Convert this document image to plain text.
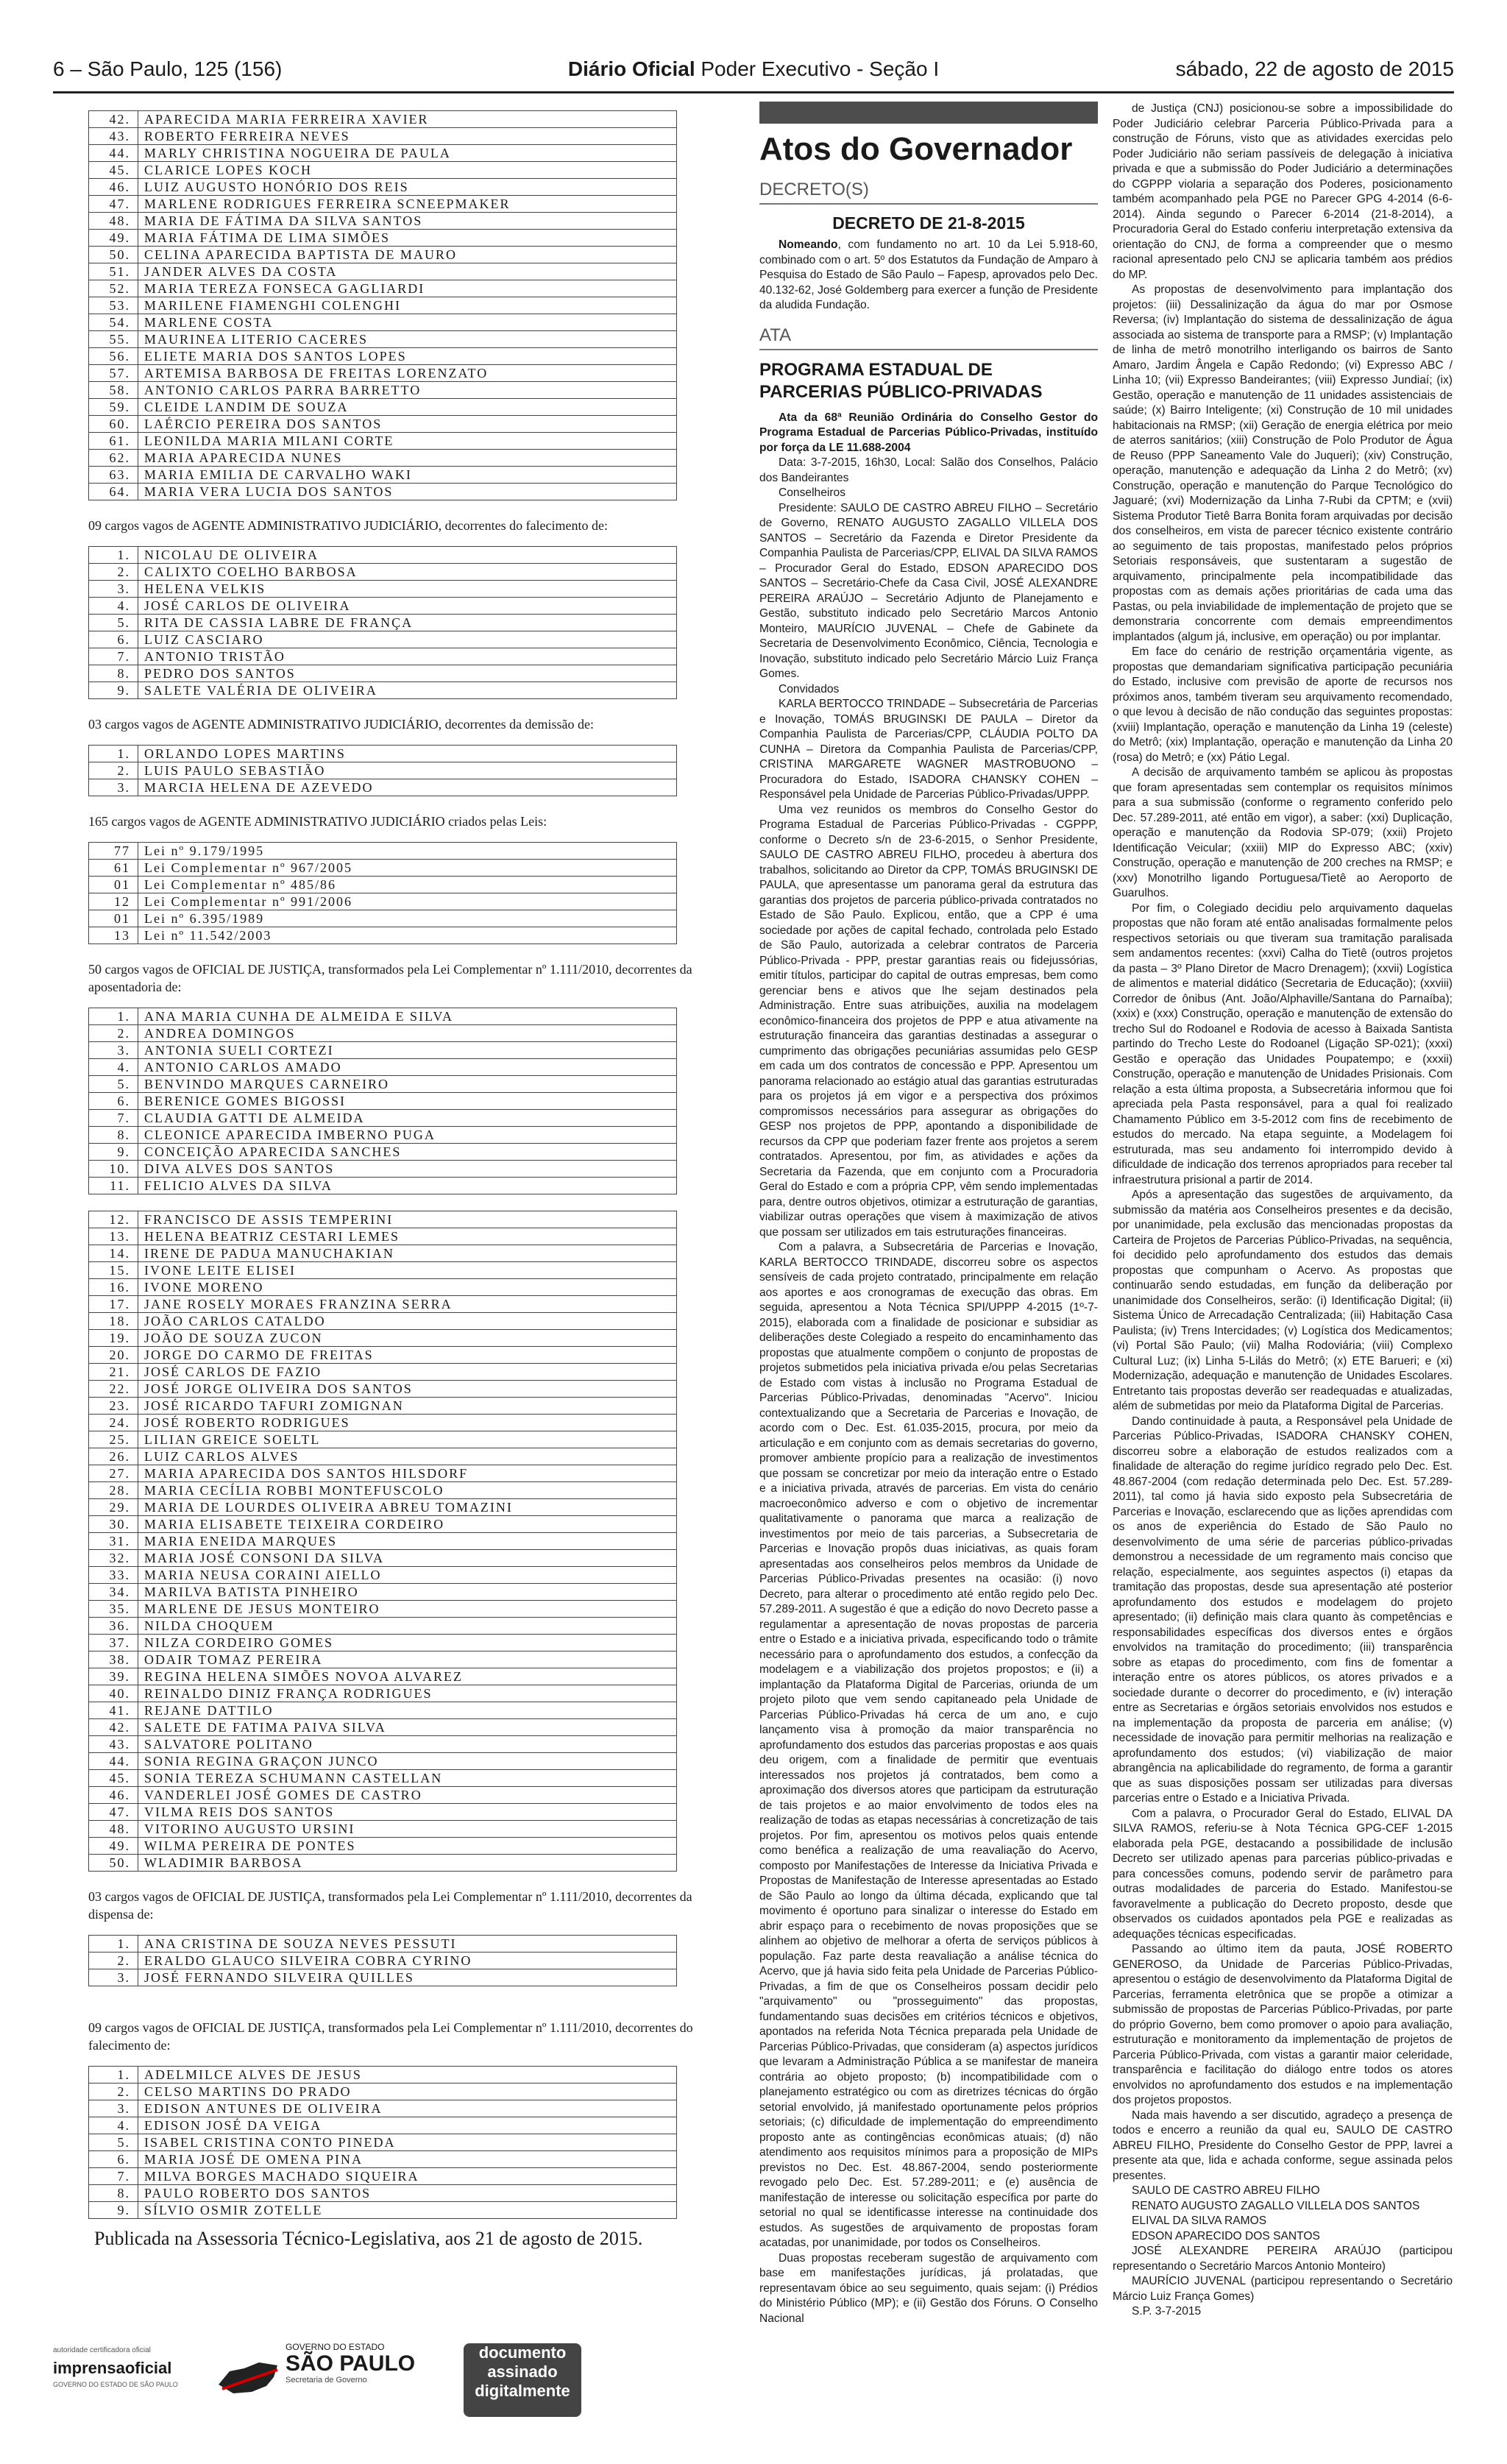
6 – São Paulo, 125 (156)	Diário Oficial Poder Executivo - Seção I	sábado, 22 de agosto de 2015
42.	APARECIDA MARIA FERREIRA XAVIER
43.	ROBERTO FERREIRA NEVES
44.	MARLY CHRISTINA NOGUEIRA DE PAULA
45.	CLARICE LOPES KOCH
46.	LUIZ AUGUSTO HONÓRIO DOS REIS
47.	MARLENE RODRIGUES FERREIRA SCNEEPMAKER
48.	MARIA DE FÁTIMA DA SILVA SANTOS
49.	MARIA FÁTIMA DE LIMA SIMÕES
50.	CELINA APARECIDA BAPTISTA DE MAURO
51.	JANDER ALVES DA COSTA
52.	MARIA TEREZA FONSECA GAGLIARDI
53.	MARILENE FIAMENGHI COLENGHI
54.	MARLENE COSTA
55.	MAURINEA LITERIO CACERES
56.	ELIETE MARIA DOS SANTOS LOPES
57.	ARTEMISA BARBOSA DE FREITAS LORENZATO
58.	ANTONIO CARLOS PARRA BARRETTO
59.	CLEIDE LANDIM DE SOUZA
60.	LAÉRCIO PEREIRA DOS SANTOS
61.	LEONILDA MARIA MILANI CORTE
62.	MARIA APARECIDA NUNES
63.	MARIA EMILIA DE CARVALHO WAKI
64.	MARIA VERA LUCIA DOS SANTOS
09 cargos vagos de AGENTE ADMINISTRATIVO JUDICIÁRIO, decorrentes do falecimento de:
1.	NICOLAU DE OLIVEIRA
2.	CALIXTO COELHO BARBOSA
3.	HELENA VELKIS
4.	JOSÉ CARLOS DE OLIVEIRA
5.	RITA DE CASSIA LABRE DE FRANÇA
6.	LUIZ CASCIARO
7.	ANTONIO TRISTÃO
8.	PEDRO DOS SANTOS
9.	SALETE VALÉRIA DE OLIVEIRA
03 cargos vagos de AGENTE ADMINISTRATIVO JUDICIÁRIO, decorrentes da demissão de:
1.	ORLANDO LOPES MARTINS
2.	LUIS PAULO SEBASTIÃO
3.	MARCIA HELENA DE AZEVEDO
165 cargos vagos de AGENTE ADMINISTRATIVO JUDICIÁRIO criados pelas Leis:
77	Lei nº 9.179/1995
61	Lei Complementar nº 967/2005
01	Lei Complementar nº 485/86
12	Lei Complementar nº 991/2006
01	Lei nº 6.395/1989
13	Lei nº 11.542/2003
50 cargos vagos de OFICIAL DE JUSTIÇA, transformados pela Lei Complementar nº 1.111/2010, decorrentes da aposentadoria de:
1.	ANA MARIA CUNHA DE ALMEIDA E SILVA
2.	ANDREA DOMINGOS
3.	ANTONIA SUELI CORTEZI
4.	ANTONIO CARLOS AMADO
5.	BENVINDO MARQUES CARNEIRO
6.	BERENICE GOMES BIGOSSI
7.	CLAUDIA GATTI DE ALMEIDA
8.	CLEONICE APARECIDA IMBERNO PUGA
9.	CONCEIÇÃO APARECIDA SANCHES
10.	DIVA ALVES DOS SANTOS
11.	FELICIO ALVES DA SILVA
12.	FRANCISCO DE ASSIS TEMPERINI
13.	HELENA BEATRIZ CESTARI LEMES
14.	IRENE DE PADUA MANUCHAKIAN
15.	IVONE LEITE ELISEI
16.	IVONE MORENO
17.	JANE ROSELY MORAES FRANZINA SERRA
18.	JOÃO CARLOS CATALDO
19.	JOÃO DE SOUZA ZUCON
20.	JORGE DO CARMO DE FREITAS
21.	JOSÉ CARLOS DE FAZIO
22.	JOSÉ JORGE OLIVEIRA DOS SANTOS
23.	JOSÉ RICARDO TAFURI ZOMIGNAN
24.	JOSÉ ROBERTO RODRIGUES
25.	LILIAN GREICE SOELTL
26.	LUIZ CARLOS ALVES
27.	MARIA APARECIDA DOS SANTOS HILSDORF
28.	MARIA CECÍLIA ROBBI MONTEFUSCOLO
29.	MARIA DE LOURDES OLIVEIRA ABREU TOMAZINI
30.	MARIA ELISABETE TEIXEIRA CORDEIRO
31.	MARIA ENEIDA MARQUES
32.	MARIA JOSÉ CONSONI DA SILVA
33.	MARIA NEUSA CORAINI AIELLO
34.	MARILVA BATISTA PINHEIRO
35.	MARLENE DE JESUS MONTEIRO
36.	NILDA CHOQUEM
37.	NILZA CORDEIRO GOMES
38.	ODAIR TOMAZ PEREIRA
39.	REGINA HELENA SIMÕES NOVOA ALVAREZ
40.	REINALDO DINIZ FRANÇA RODRIGUES
41.	REJANE DATTILO
42.	SALETE DE FATIMA PAIVA SILVA
43.	SALVATORE POLITANO
44.	SONIA REGINA GRAÇON JUNCO
45.	SONIA TEREZA SCHUMANN CASTELLAN
46.	VANDERLEI JOSÉ GOMES DE CASTRO
47.	VILMA REIS DOS SANTOS
48.	VITORINO AUGUSTO URSINI
49.	WILMA PEREIRA DE PONTES
50.	WLADIMIR BARBOSA
03 cargos vagos de OFICIAL DE JUSTIÇA, transformados pela Lei Complementar nº 1.111/2010, decorrentes da dispensa de:
1.	ANA CRISTINA DE SOUZA NEVES PESSUTI
2.	ERALDO GLAUCO SILVEIRA COBRA CYRINO
3.	JOSÉ FERNANDO SILVEIRA QUILLES
09 cargos vagos de OFICIAL DE JUSTIÇA, transformados pela Lei Complementar nº 1.111/2010, decorrentes do falecimento de:
1.	ADELMILCE ALVES DE JESUS
2.	CELSO MARTINS DO PRADO
3.	EDISON ANTUNES DE OLIVEIRA
4.	EDISON JOSÉ DA VEIGA
5.	ISABEL CRISTINA CONTO PINEDA
6.	MARIA JOSÉ DE OMENA PINA
7.	MILVA BORGES MACHADO SIQUEIRA
8.	PAULO ROBERTO DOS SANTOS
9.	SÍLVIO OSMIR ZOTELLE
Publicada na Assessoria Técnico-Legislativa, aos 21 de agosto de 2015.
Atos do Governador
DECRETO(S)
DECRETO DE 21-8-2015

Nomeando, com fundamento no art. 10 da Lei 5.918-60, combinado com o art. 5º dos Estatutos da Fundação de Amparo à Pesquisa do Estado de São Paulo – Fapesp, aprovados pelo Dec. 40.132-62, José Goldemberg para exercer a função de Presidente da aludida Fundação.

ATA
PROGRAMA ESTADUAL DE PARCERIAS PÚBLICO-PRIVADAS

Ata da 68ª Reunião Ordinária do Conselho Gestor do Programa Estadual de Parcerias Público-Privadas, instituído por força da LE 11.688-2004

Data: 3-7-2015, 16h30, Local: Salão dos Conselhos, Palácio dos Bandeirantes

Conselheiros

Presidente: SAULO DE CASTRO ABREU FILHO – Secretário de Governo, RENATO AUGUSTO ZAGALLO VILLELA DOS SANTOS – Secretário da Fazenda e Diretor Presidente da Companhia Paulista de Parcerias/CPP, ELIVAL DA SILVA RAMOS – Procurador Geral do Estado, EDSON APARECIDO DOS SANTOS – Secretário-Chefe da Casa Civil, JOSÉ ALEXANDRE PEREIRA ARAÚJO – Secretário Adjunto de Planejamento e Gestão, substituto indicado pelo Secretário Marcos Antonio Monteiro, MAURÍCIO JUVENAL – Chefe de Gabinete da Secretaria de Desenvolvimento Econômico, Ciência, Tecnologia e Inovação, substituto indicado pelo Secretário Márcio Luiz França Gomes.

Convidados

KARLA BERTOCCO TRINDADE – Subsecretária de Parcerias e Inovação, TOMÁS BRUGINSKI DE PAULA – Diretor da Companhia Paulista de Parcerias/CPP, CLÁUDIA POLTO DA CUNHA – Diretora da Companhia Paulista de Parcerias/CPP, CRISTINA MARGARETE WAGNER MASTROBUONO – Procuradora do Estado, ISADORA CHANSKY COHEN – Responsável pela Unidade de Parcerias Público-Privadas/UPPP.

Uma vez reunidos os membros do Conselho Gestor do Programa Estadual de Parcerias Público-Privadas - CGPPP, conforme o Decreto s/n de 23-6-2015, o Senhor Presidente, SAULO DE CASTRO ABREU FILHO, procedeu à abertura dos trabalhos, solicitando ao Diretor da CPP, TOMÁS BRUGINSKI DE PAULA, que apresentasse um panorama geral da estrutura das garantias dos projetos de parceria público-privada contratados no Estado de São Paulo. Explicou, então, que a CPP é uma sociedade por ações de capital fechado, controlada pelo Estado de São Paulo, autorizada a celebrar contratos de Parceria Público-Privada - PPP, prestar garantias reais ou fidejussórias, emitir títulos, participar do capital de outras empresas, bem como gerenciar bens e ativos que lhe sejam destinados pela Administração. Entre suas atribuições, auxilia na modelagem econômico-financeira dos projetos de PPP e atua ativamente na estruturação financeira das garantias destinadas a assegurar o cumprimento das obrigações pecuniárias assumidas pelo GESP em cada um dos contratos de concessão e PPP. Apresentou um panorama relacionado ao estágio atual das garantias estruturadas para os projetos já em vigor e a perspectiva dos próximos compromissos necessários para assegurar as obrigações do GESP nos projetos de PPP, apontando a disponibilidade de recursos da CPP que poderiam fazer frente aos projetos a serem contratados. Apresentou, por fim, as atividades e ações da Secretaria da Fazenda, que em conjunto com a Procuradoria Geral do Estado e com a própria CPP, vêm sendo implementadas para, dentre outros objetivos, otimizar a estruturação de garantias, viabilizar outras operações que visem à maximização de ativos que possam ser utilizados em tais estruturações financeiras.

Com a palavra, a Subsecretária de Parcerias e Inovação, KARLA BERTOCCO TRINDADE, discorreu sobre os aspectos sensíveis de cada projeto contratado, principalmente em relação aos aportes e aos cronogramas de execução das obras. Em seguida, apresentou a Nota Técnica SPI/UPPP 4-2015 (1º-7-2015), elaborada com a finalidade de posicionar e subsidiar as deliberações deste Colegiado a respeito do encaminhamento das propostas que atualmente compõem o conjunto de propostas de projetos submetidos pela iniciativa privada e/ou pelas Secretarias de Estado com vistas à inclusão no Programa Estadual de Parcerias Público-Privadas, denominadas "Acervo". Iniciou contextualizando que a Secretaria de Parcerias e Inovação, de acordo com o Dec. Est. 61.035-2015, procura, por meio da articulação e em conjunto com as demais secretarias do governo, promover ambiente propício para a realização de investimentos que possam se concretizar por meio da interação entre o Estado e a iniciativa privada, através de parcerias. Em vista do cenário macroeconômico adverso e com o objetivo de incrementar qualitativamente o panorama que marca a realização de investimentos por meio de tais parcerias, a Subsecretaria de Parcerias e Inovação propôs duas iniciativas, as quais foram apresentadas aos conselheiros pelos membros da Unidade de Parcerias Público-Privadas presentes na ocasião: (i) novo Decreto, para alterar o procedimento até então regido pelo Dec. 57.289-2011. A sugestão é que a edição do novo Decreto passe a regulamentar a apresentação de novas propostas de parceria entre o Estado e a iniciativa privada, especificando todo o trâmite necessário para o aprofundamento dos estudos, a confecção da modelagem e a viabilização dos projetos propostos; e (ii) a implantação da Plataforma Digital de Parcerias, oriunda de um projeto piloto que vem sendo capitaneado pela Unidade de Parcerias Público-Privadas há cerca de um ano, e cujo lançamento visa à promoção da maior transparência no aprofundamento dos estudos das parcerias propostas e aos quais deu origem, com a finalidade de permitir que eventuais interessados nos projetos já contratados, bem como a aproximação dos diversos atores que participam da estruturação de tais projetos e ao maior envolvimento de todos eles na realização de todas as etapas necessárias à concretização de tais projetos. Por fim, apresentou os motivos pelos quais entende como benéfica a realização de uma reavaliação do Acervo, composto por Manifestações de Interesse da Iniciativa Privada e Propostas de Manifestação de Interesse apresentadas ao Estado de São Paulo ao longo da última década, explicando que tal movimento é oportuno para sinalizar o interesse do Estado em abrir espaço para o recebimento de novas proposições que se alinhem ao objetivo de melhorar a oferta de serviços públicos à população. Faz parte desta reavaliação a análise técnica do Acervo, que já havia sido feita pela Unidade de Parcerias Público-Privadas, a fim de que os Conselheiros possam decidir pelo "arquivamento" ou "prosseguimento" das propostas, fundamentando suas decisões em critérios técnicos e objetivos, apontados na referida Nota Técnica preparada pela Unidade de Parcerias Público-Privadas, que consideram (a) aspectos jurídicos que levaram a Administração Pública a se manifestar de maneira contrária ao objeto proposto; (b) incompatibilidade com o planejamento estratégico ou com as diretrizes técnicas do órgão setorial envolvido, já manifestado oportunamente pelos próprios setoriais; (c) dificuldade de implementação do empreendimento proposto ante as contingências econômicas atuais; (d) não atendimento aos requisitos mínimos para a proposição de MIPs previstos no Dec. Est. 48.867-2004, sendo posteriormente revogado pelo Dec. Est. 57.289-2011; e (e) ausência de manifestação de interesse ou solicitação específica por parte do setorial no qual se identificasse interesse na continuidade dos estudos. As sugestões de arquivamento de propostas foram acatadas, por unanimidade, por todos os Conselheiros.

Duas propostas receberam sugestão de arquivamento com base em manifestações jurídicas, já prolatadas, que representavam óbice ao seu seguimento, quais sejam: (i) Prédios do Ministério Público (MP); e (ii) Gestão dos Fóruns. O Conselho Nacional

de Justiça (CNJ) posicionou-se sobre a impossibilidade do Poder Judiciário celebrar Parceria Público-Privada para a construção de Fóruns, visto que as atividades exercidas pelo Poder Judiciário não seriam passíveis de delegação à iniciativa privada e que a submissão do Poder Judiciário a determinações do CGPPP violaria a separação dos Poderes, posicionamento também acompanhado pela PGE no Parecer GPG 4-2014 (6-6-2014). Ainda segundo o Parecer 6-2014 (21-8-2014), a Procuradoria Geral do Estado conferiu interpretação extensiva da orientação do CNJ, de forma a compreender que o mesmo racional apresentado pelo CNJ se aplicaria também aos prédios do MP.

As propostas de desenvolvimento para implantação dos projetos: (iii) Dessalinização da água do mar por Osmose Reversa; (iv) Implantação do sistema de dessalinização de água associada ao sistema de transporte para a RMSP; (v) Implantação de linha de metrô monotrilho interligando os bairros de Santo Amaro, Jardim Ângela e Capão Redondo; (vi) Expresso ABC / Linha 10; (vii) Expresso Bandeirantes; (viii) Expresso Jundiaí; (ix) Gestão, operação e manutenção de 11 unidades assistenciais de saúde; (x) Bairro Inteligente; (xi) Construção de 10 mil unidades habitacionais na RMSP; (xii) Geração de energia elétrica por meio de aterros sanitários; (xiii) Construção de Polo Produtor de Água de Reuso (PPP Saneamento Vale do Juqueri); (xiv) Construção, operação, manutenção e adequação da Linha 2 do Metrô; (xv) Construção, operação e manutenção do Parque Tecnológico do Jaguaré; (xvi) Modernização da Linha 7-Rubi da CPTM; e (xvii) Sistema Produtor Tietê Barra Bonita foram arquivadas por decisão dos conselheiros, em vista de parecer técnico existente contrário ao seguimento de tais propostas, manifestado pelos próprios Setoriais responsáveis, que sustentaram a sugestão de arquivamento, principalmente pela incompatibilidade das propostas com as demais ações prioritárias de cada uma das Pastas, ou pela inviabilidade de implementação de projeto que se demonstraria concorrente com demais empreendimentos implantados (algum já, inclusive, em operação) ou por implantar.

Em face do cenário de restrição orçamentária vigente, as propostas que demandariam significativa participação pecuniária do Estado, inclusive com previsão de aporte de recursos nos próximos anos, também tiveram seu arquivamento recomendado, o que levou à decisão de não condução das seguintes propostas: (xviii) Implantação, operação e manutenção da Linha 19 (celeste) do Metrô; (xix) Implantação, operação e manutenção da Linha 20 (rosa) do Metrô; e (xx) Pátio Legal.

A decisão de arquivamento também se aplicou às propostas que foram apresentadas sem contemplar os requisitos mínimos para a sua submissão (conforme o regramento conferido pelo Dec. 57.289-2011, até então em vigor), a saber: (xxi) Duplicação, operação e manutenção da Rodovia SP-079; (xxii) Projeto Identificação Veicular; (xxiii) MIP do Expresso ABC; (xxiv) Construção, operação e manutenção de 200 creches na RMSP; e (xxv) Monotrilho ligando Portuguesa/Tietê ao Aeroporto de Guarulhos.

Por fim, o Colegiado decidiu pelo arquivamento daquelas propostas que não foram até então analisadas formalmente pelos respectivos setoriais ou que tiveram sua tramitação paralisada sem andamentos recentes: (xxvi) Calha do Tietê (outros projetos da pasta – 3º Plano Diretor de Macro Drenagem); (xxvii) Logística de alimentos e material didático (Secretaria de Educação); (xxviii) Corredor de ônibus (Ant. João/Alphaville/Santana do Parnaíba); (xxix) e (xxx) Construção, operação e manutenção de extensão do trecho Sul do Rodoanel e Rodovia de acesso à Baixada Santista partindo do Trecho Leste do Rodoanel (Ligação SP-021); (xxxi) Gestão e operação das Unidades Poupatempo; e (xxxii) Construção, operação e manutenção de Unidades Prisionais. Com relação a esta última proposta, a Subsecretária informou que foi apreciada pela Pasta responsável, para a qual foi realizado Chamamento Público em 3-5-2012 com fins de recebimento de estudos do mercado. Na etapa seguinte, a Modelagem foi estruturada, mas seu andamento foi interrompido devido à dificuldade de indicação dos terrenos apropriados para receber tal infraestrutura prisional a partir de 2014.

Após a apresentação das sugestões de arquivamento, da submissão da matéria aos Conselheiros presentes e da decisão, por unanimidade, pela exclusão das mencionadas propostas da Carteira de Projetos de Parcerias Público-Privadas, na sequência, foi decidido pelo aprofundamento dos estudos das demais propostas que compunham o Acervo. As propostas que continuarão sendo estudadas, em função da deliberação por unanimidade dos Conselheiros, serão: (i) Identificação Digital; (ii) Sistema Único de Arrecadação Centralizada; (iii) Habitação Casa Paulista; (iv) Trens Intercidades; (v) Logística dos Medicamentos; (vi) Portal São Paulo; (vii) Malha Rodoviária; (viii) Complexo Cultural Luz; (ix) Linha 5-Lilás do Metrô; (x) ETE Barueri; e (xi) Modernização, adequação e manutenção de Unidades Escolares. Entretanto tais propostas deverão ser readequadas e atualizadas, além de submetidas por meio da Plataforma Digital de Parcerias.

Dando continuidade à pauta, a Responsável pela Unidade de Parcerias Público-Privadas, ISADORA CHANSKY COHEN, discorreu sobre a elaboração de estudos realizados com a finalidade de alteração do regime jurídico regrado pelo Dec. Est. 48.867-2004 (com redação determinada pelo Dec. Est. 57.289-2011), tal como já havia sido exposto pela Subsecretária de Parcerias e Inovação, esclarecendo que as lições aprendidas com os anos de experiência do Estado de São Paulo no desenvolvimento de uma série de parcerias público-privadas demonstrou a necessidade de um regramento mais conciso que relação, especialmente, aos seguintes aspectos (i) etapas da tramitação das propostas, desde sua apresentação até posterior aprofundamento dos estudos e modelagem do projeto apresentado; (ii) definição mais clara quanto às competências e responsabilidades específicas dos diversos entes e órgãos envolvidos na tramitação do procedimento; (iii) transparência sobre as etapas do procedimento, com fins de fomentar a interação entre os atores públicos, os atores privados e a sociedade durante o decorrer do procedimento, e (iv) interação entre as Secretarias e órgãos setoriais envolvidos nos estudos e na implementação da proposta de parceria em análise; (v) necessidade de inovação para permitir melhorias na realização e aprofundamento dos estudos; (vi) viabilização de maior abrangência na aplicabilidade do regramento, de forma a garantir que as suas disposições possam ser utilizadas para diversas parcerias entre o Estado e a Iniciativa Privada.

Com a palavra, o Procurador Geral do Estado, ELIVAL DA SILVA RAMOS, referiu-se à Nota Técnica GPG-CEF 1-2015 elaborada pela PGE, destacando a possibilidade de inclusão Decreto ser utilizado apenas para parcerias público-privadas e para concessões comuns, podendo servir de parâmetro para outras modalidades de parceria do Estado. Manifestou-se favoravelmente a publicação do Decreto proposto, desde que observados os cuidados apontados pela PGE e realizadas as adequações técnicas especificadas.

Passando ao último item da pauta, JOSÉ ROBERTO GENEROSO, da Unidade de Parcerias Público-Privadas, apresentou o estágio de desenvolvimento da Plataforma Digital de Parcerias, ferramenta eletrônica que se propõe a otimizar a submissão de propostas de Parcerias Público-Privadas, por parte do próprio Governo, bem como promover o apoio para avaliação, estruturação e monitoramento da implementação de projetos de Parceria Público-Privada, com vistas a garantir maior celeridade, transparência e facilitação do diálogo entre todos os atores envolvidos no aprofundamento dos estudos e na implementação dos projetos propostos.

Nada mais havendo a ser discutido, agradeço a presença de todos e encerro a reunião da qual eu, SAULO DE CASTRO ABREU FILHO, Presidente do Conselho Gestor de PPP, lavrei a presente ata que, lida e achada conforme, segue assinada pelos presentes.

SAULO DE CASTRO ABREU FILHO

RENATO AUGUSTO ZAGALLO VILLELA DOS SANTOS

ELIVAL DA SILVA RAMOS

EDSON APARECIDO DOS SANTOS

JOSÉ ALEXANDRE PEREIRA ARAÚJO (participou representando o Secretário Marcos Antonio Monteiro)

MAURÍCIO JUVENAL (participou representando o Secretário Márcio Luiz França Gomes)

S.P. 3-7-2015

autoridade certificadora oficial
imprensaoficial
GOVERNO DO ESTADO DE SÃO PAULO
GOVERNO DO ESTADO
SÃO PAULO
Secretaria de Governo
documento
assinado
digitalmente
